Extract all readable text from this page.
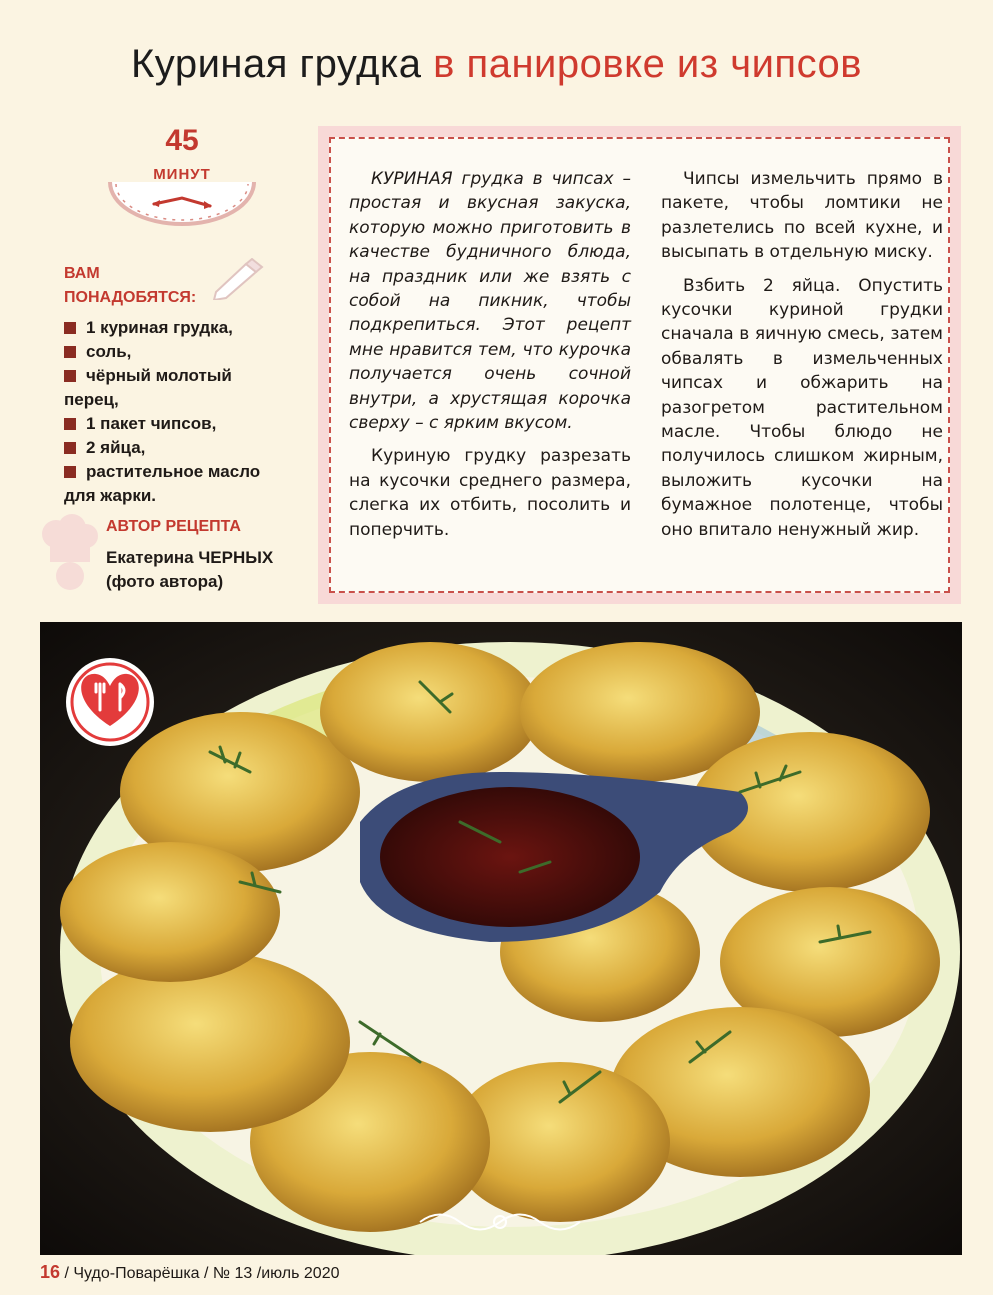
Куриная грудка в панировке из чипсов
45
МИНУТ
ВАМ
ПОНАДОБЯТСЯ:
1 куриная грудка,
соль,
чёрный молотый перец,
1 пакет чипсов,
2 яйца,
растительное масло для жарки.
АВТОР РЕЦЕПТА
Екатерина ЧЕРНЫХ
(фото автора)

КУРИНАЯ грудка в чипсах – простая и вкусная закуска, которую можно приготовить в качестве будничного блюда, на праздник или же взять с собой на пикник, чтобы подкрепиться. Этот рецепт мне нравится тем, что курочка получается очень сочной внутри, а хрустящая корочка сверху – с ярким вкусом.

Куриную грудку разрезать на кусочки среднего размера, слегка их отбить, посолить и поперчить.

Чипсы измельчить прямо в пакете, чтобы ломтики не разлетелись по всей кухне, и высыпать в отдельную миску.

Взбить 2 яйца. Опустить кусочки куриной грудки сначала в яичную смесь, затем обвалять в измельченных чипсах и обжарить на разогретом растительном масле. Чтобы блюдо не получилось слишком жирным, выложить кусочки на бумажное полотенце, чтобы оно впитало ненужный жир.

16 / Чудо-Поварёшка / № 13 /июль 2020
